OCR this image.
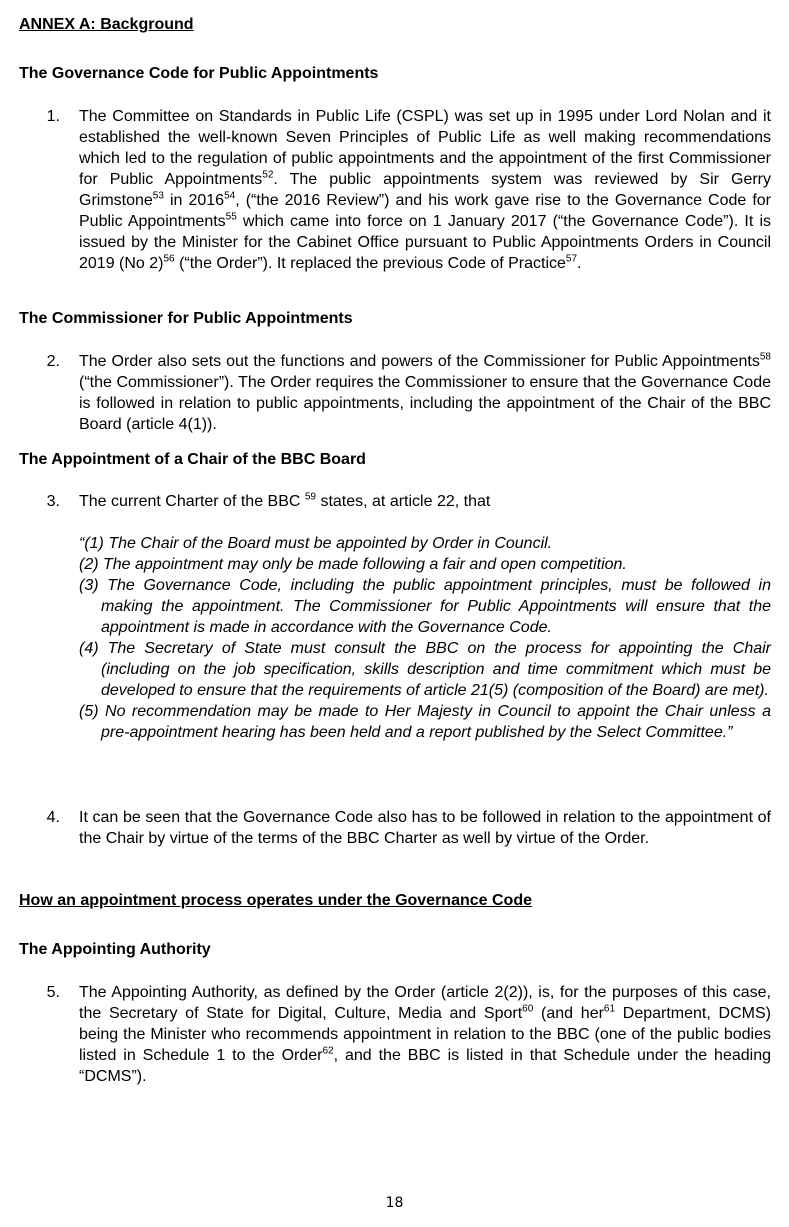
ANNEX A: Background
The Governance Code for Public Appointments
1. The Committee on Standards in Public Life (CSPL) was set up in 1995 under Lord Nolan and it established the well-known Seven Principles of Public Life as well making recommendations which led to the regulation of public appointments and the appointment of the first Commissioner for Public Appointments$^{52}$. The public appointments system was reviewed by Sir Gerry Grimstone$^{53}$ in 2016$^{54}$, (“the 2016 Review”) and his work gave rise to the Governance Code for Public Appointments$^{55}$ which came into force on 1 January 2017 (“the Governance Code”). It is issued by the Minister for the Cabinet Office pursuant to Public Appointments Orders in Council 2019 (No 2)$^{56}$ (“the Order”). It replaced the previous Code of Practice$^{57}$.
The Commissioner for Public Appointments
2. The Order also sets out the functions and powers of the Commissioner for Public Appointments$^{58}$ (“the Commissioner”). The Order requires the Commissioner to ensure that the Governance Code is followed in relation to public appointments, including the appointment of the Chair of the BBC Board (article 4(1)).
The Appointment of a Chair of the BBC Board
3. The current Charter of the BBC $^{59}$ states, at article 22, that
“(1) The Chair of the Board must be appointed by Order in Council.
(2) The appointment may only be made following a fair and open competition.
(3) The Governance Code, including the public appointment principles, must be followed in making the appointment. The Commissioner for Public Appointments will ensure that the appointment is made in accordance with the Governance Code.
(4) The Secretary of State must consult the BBC on the process for appointing the Chair (including on the job specification, skills description and time commitment which must be developed to ensure that the requirements of article 21(5) (composition of the Board) are met).
(5) No recommendation may be made to Her Majesty in Council to appoint the Chair unless a pre-appointment hearing has been held and a report published by the Select Committee.”
4. It can be seen that the Governance Code also has to be followed in relation to the appointment of the Chair by virtue of the terms of the BBC Charter as well by virtue of the Order.
How an appointment process operates under the Governance Code
The Appointing Authority
5. The Appointing Authority, as defined by the Order (article 2(2)), is, for the purposes of this case, the Secretary of State for Digital, Culture, Media and Sport$^{60}$ (and her$^{61}$ Department, DCMS) being the Minister who recommends appointment in relation to the BBC (one of the public bodies listed in Schedule 1 to the Order$^{62}$, and the BBC is listed in that Schedule under the heading “DCMS”).
18
